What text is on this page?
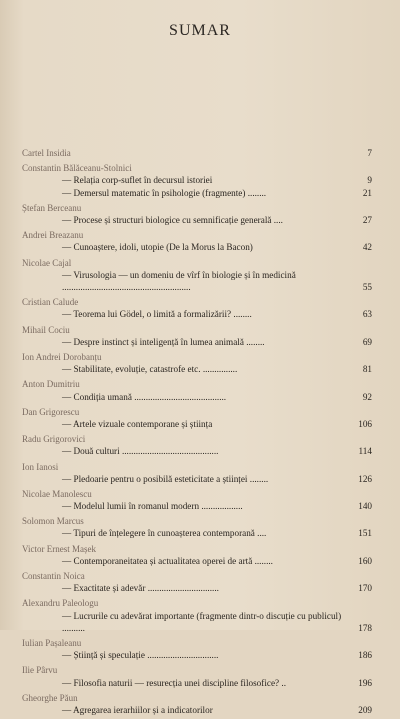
SUMAR
Cartel Insidia	7
Constantin Bălăceanu-Stolnici
— Relația corp-suflet în decursul istoriei	9
— Demersul matematic în psihologie (fragmente) ........	21
Ștefan Berceanu
— Procese și structuri biologice cu semnificație generală ....	27
Andrei Breazanu
— Cunoaștere, idoli, utopie (De la Morus la Bacon)	42
Nicolae Cajal
— Virusologia — un domeniu de vîrf în biologie și în medicină ........................................................	55
Cristian Calude
— Teorema lui Gödel, o limită a formalizării? ........	63
Mihail Cociu
— Despre instinct și inteligență în lumea animală ........	69
Ion Andrei Dorobanțu
— Stabilitate, evoluție, catastrofe etc. ...............	81
Anton Dumitriu
— Condiția umană ........................................	92
Dan Grigorescu
— Artele vizuale contemporane și știința	106
Radu Grigorovici
— Două culturi ..........................................	114
Ion Ianosi
— Pledoarie pentru o posibilă esteticitate a științei ........	126
Nicolae Manolescu
— Modelul lumii în romanul modern ..................	140
Solomon Marcus
— Tipuri de înțelegere în cunoașterea contemporană ....	151
Victor Ernest Mașek
— Contemporaneitatea și actualitatea operei de artă ........	160
Constantin Noica
— Exactitate și adevăr ...............................	170
Alexandru Paleologu
— Lucrurile cu adevărat importante (fragmente dintr-o discuție cu publicul) ..........	178
Iulian Pașaleanu
— Știință și speculație ...............................	186
Ilie Pârvu
— Filosofia naturii — resurecția unei discipline filosofice? ..	196
Gheorghe Păun
— Agregarea ierarhiilor și a indicatorilor	209
